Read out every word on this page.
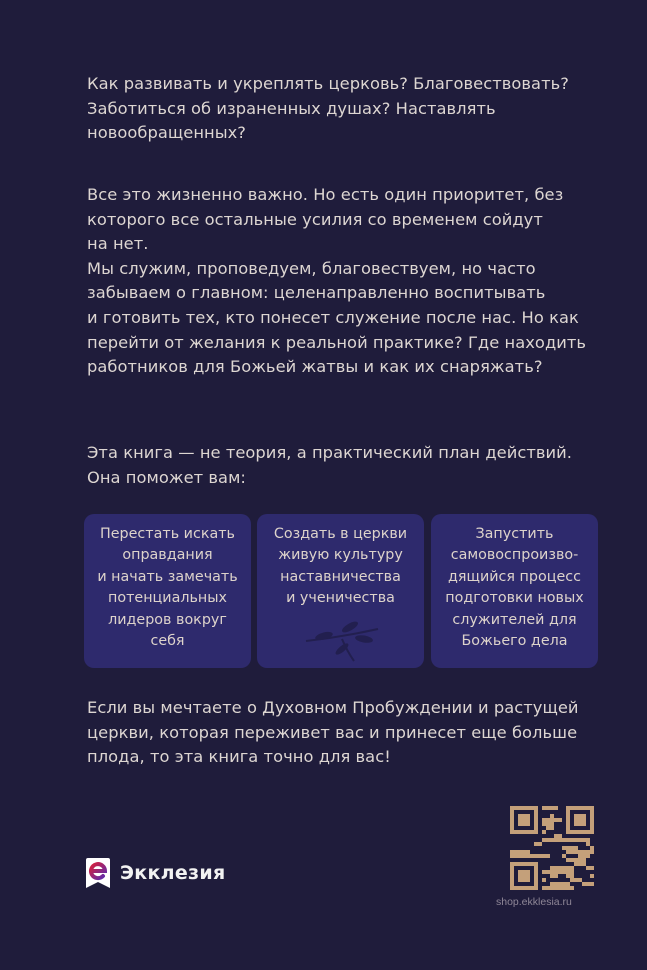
Как развивать и укреплять церковь? Благовествовать?
Заботиться об израненных душах? Наставлять
новообращенных?
Все это жизненно важно. Но есть один приоритет, без
которого все остальные усилия со временем сойдут
на нет.
Мы служим, проповедуем, благовествуем, но часто
забываем о главном: целенаправленно воспитывать
и готовить тех, кто понесет служение после нас. Но как
перейти от желания к реальной практике? Где находить
работников для Божьей жатвы и как их снаряжать?
Эта книга — не теория, а практический план действий.
Она поможет вам:
Перестать искать
оправдания
и начать замечать
потенциальных
лидеров вокруг
себя
Создать в церкви
живую культуру
наставничества
и ученичества
Запустить
самовоспроизво-
дящийся процесс
подготовки новых
служителей для
Божьего дела
Если вы мечтаете о Духовном Пробуждении и растущей
церкви, которая переживет вас и принесет еще больше
плода, то эта книга точно для вас!
Экклезия
shop.ekklesia.ru
